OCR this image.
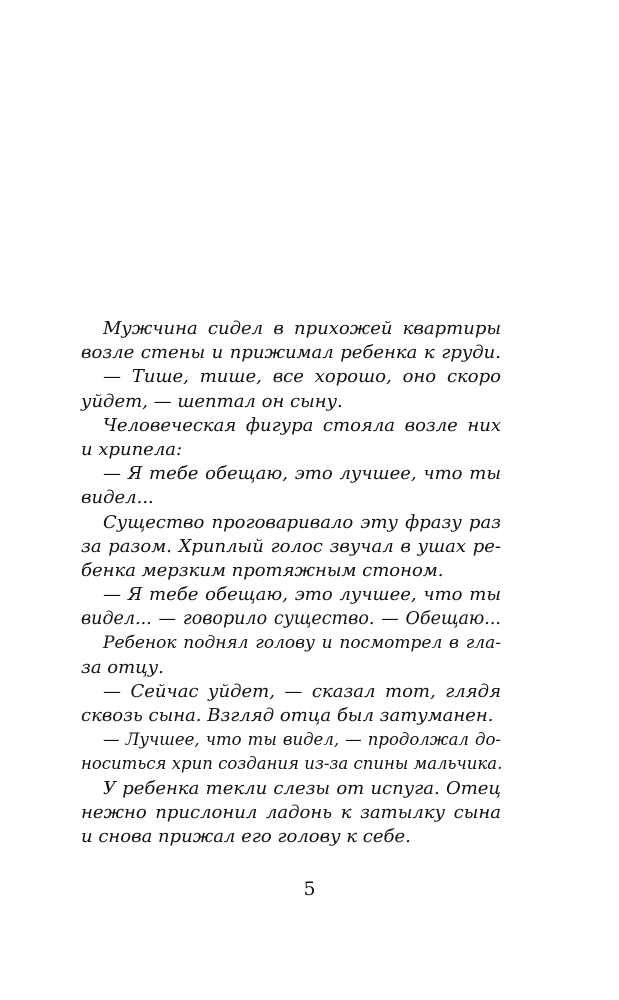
Мужчина сидел в прихожей квартиры
возле стены и прижимал ребенка к груди.
— Тише, тише, все хорошо, оно скоро
уйдет, — шептал он сыну.
Человеческая фигура стояла возле них
и хрипела:
— Я тебе обещаю, это лучшее, что ты
видел...
Существо проговаривало эту фразу раз
за разом. Хриплый голос звучал в ушах ре-
бенка мерзким протяжным стоном.
— Я тебе обещаю, это лучшее, что ты
видел... — говорило существо. — Обещаю...
Ребенок поднял голову и посмотрел в гла-
за отцу.
— Сейчас уйдет, — сказал тот, глядя
сквозь сына. Взгляд отца был затуманен.
— Лучшее, что ты видел, — продолжал до-
носиться хрип создания из-за спины мальчика.
У ребенка текли слезы от испуга. Отец
нежно прислонил ладонь к затылку сына
и снова прижал его голову к себе.
5
